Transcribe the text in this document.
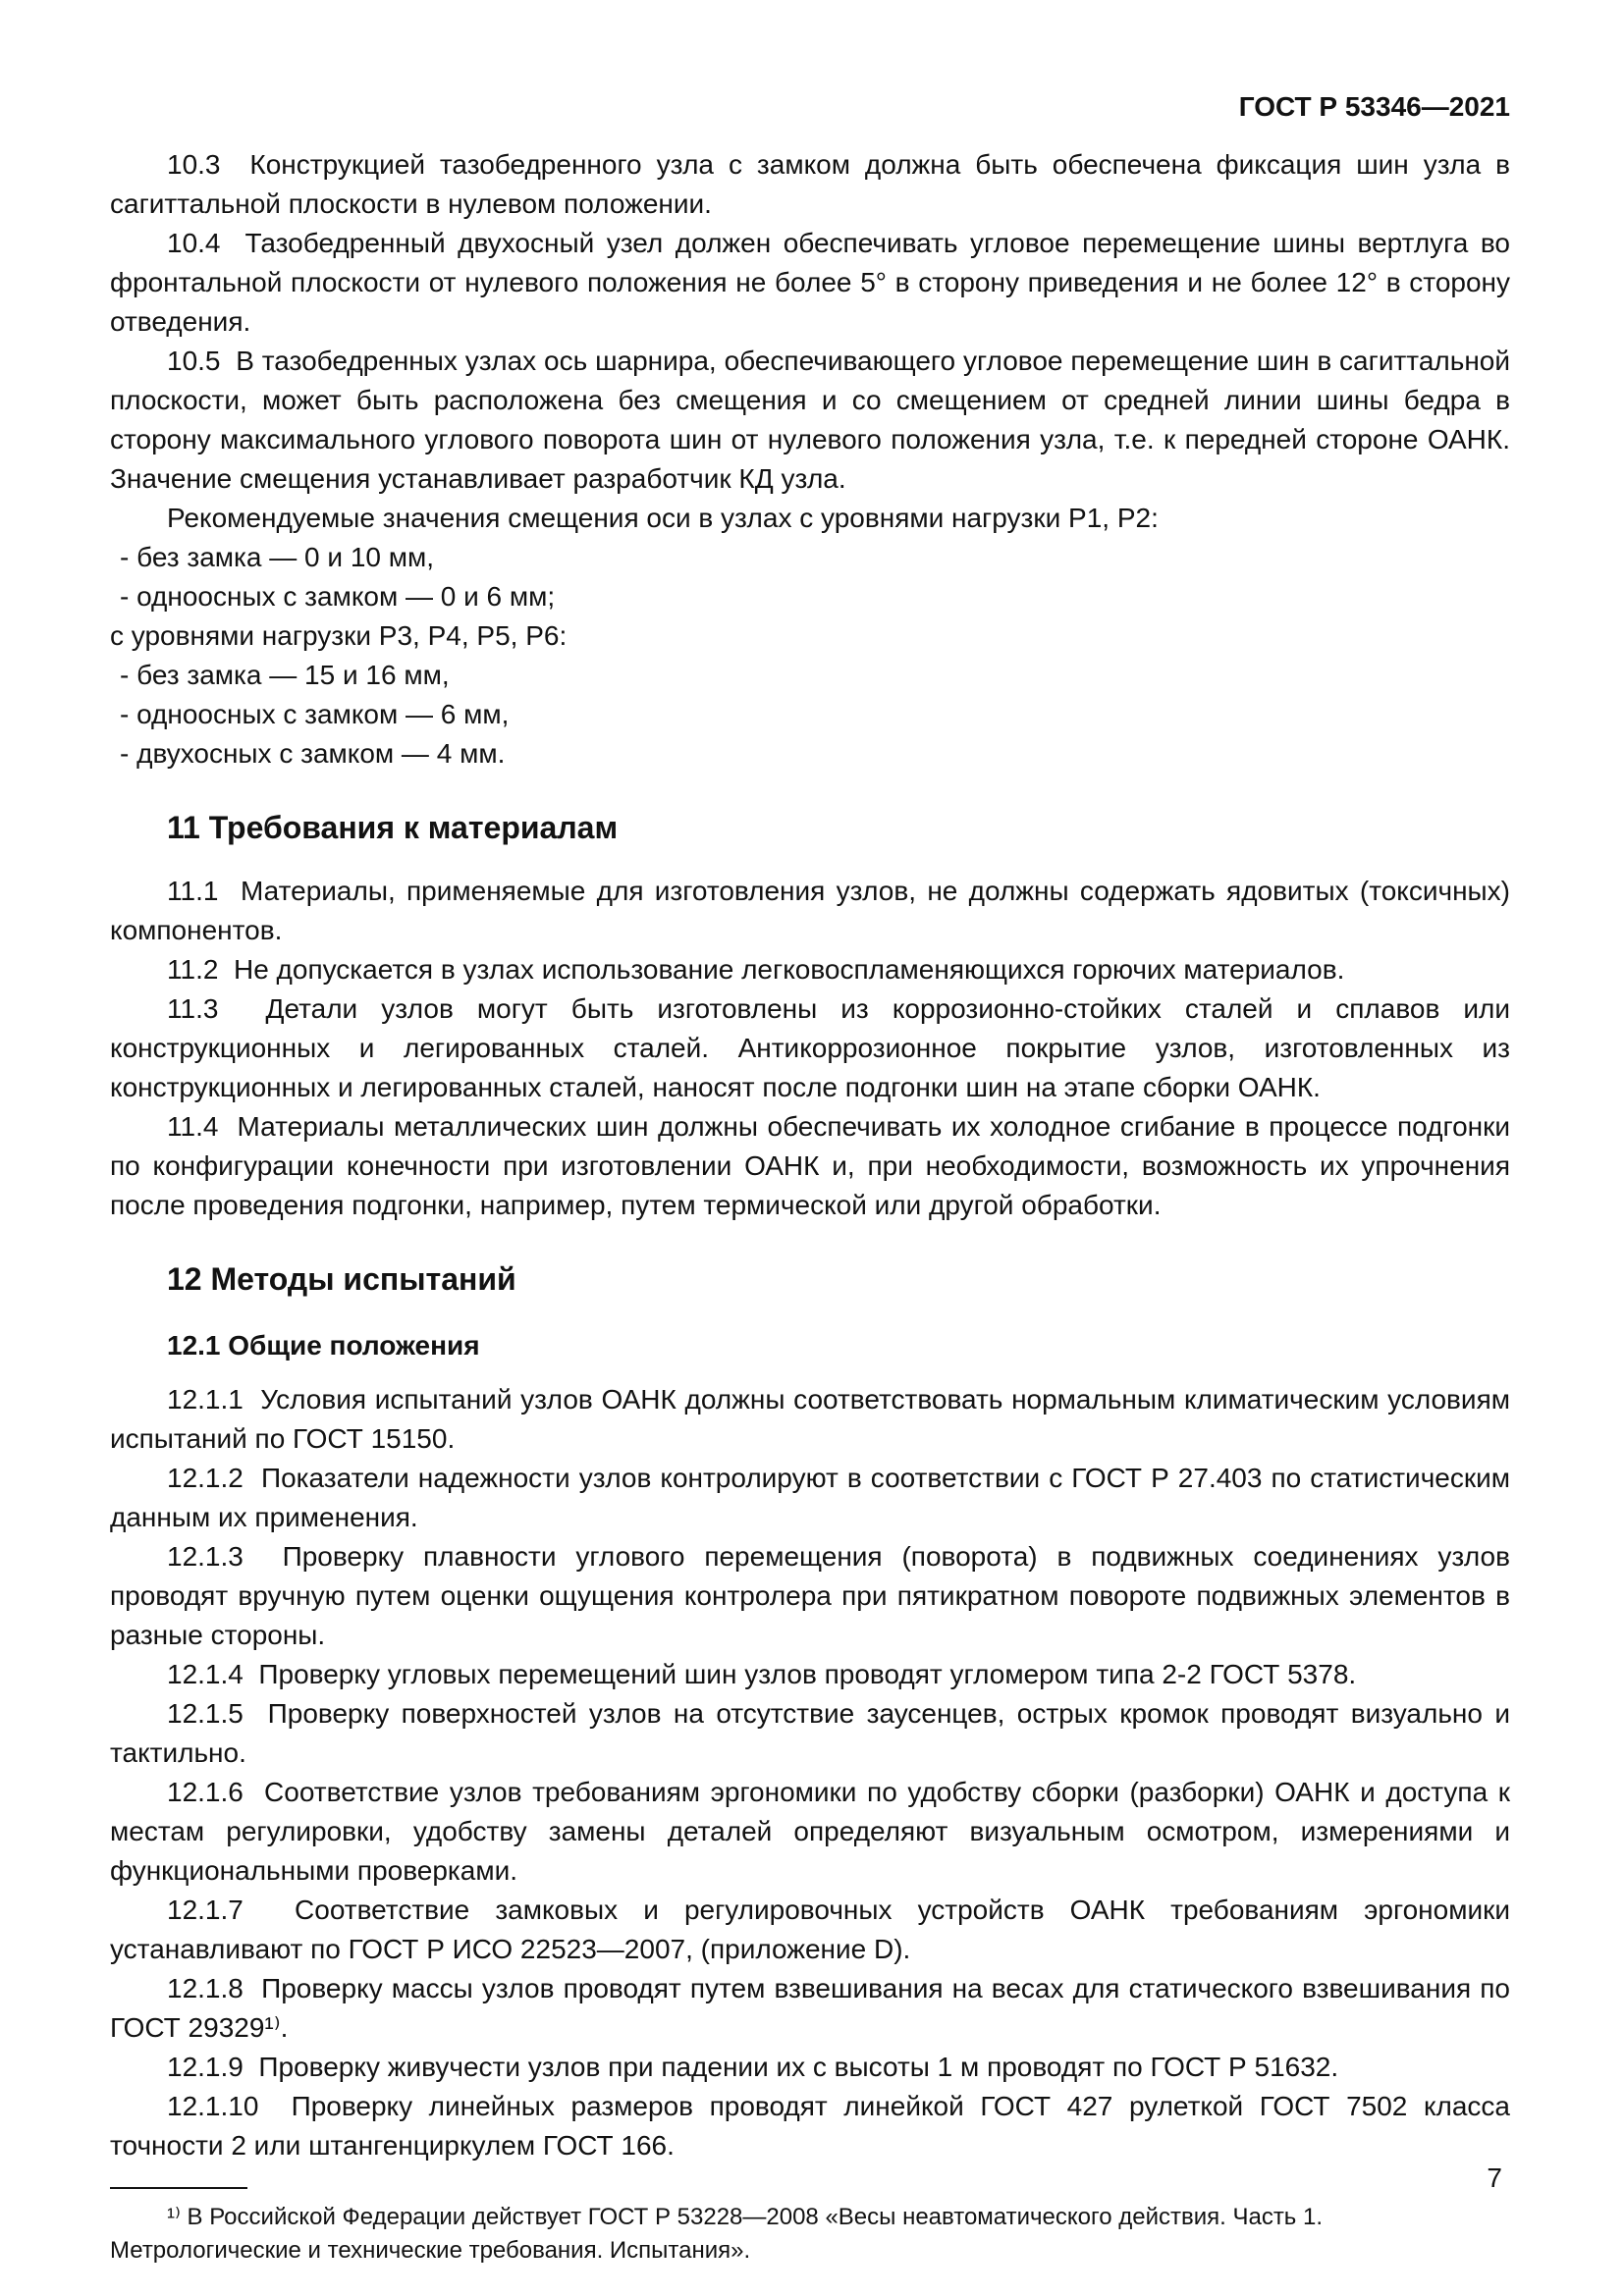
ГОСТ Р 53346—2021

10.3  Конструкцией тазобедренного узла с замком должна быть обеспечена фиксация шин узла в сагиттальной плоскости в нулевом положении.

10.4  Тазобедренный двухосный узел должен обеспечивать угловое перемещение шины вертлуга во фронтальной плоскости от нулевого положения не более 5° в сторону приведения и не более 12° в сторону отведения.

10.5  В тазобедренных узлах ось шарнира, обеспечивающего угловое перемещение шин в сагиттальной плоскости, может быть расположена без смещения и со смещением от средней линии шины бедра в сторону максимального углового поворота шин от нулевого положения узла, т.е. к передней стороне ОАНК. Значение смещения устанавливает разработчик КД узла.

Рекомендуемые значения смещения оси в узлах с уровнями нагрузки Р1, Р2:

- без замка — 0 и 10 мм,

- одноосных с замком — 0 и 6 мм;

с уровнями нагрузки Р3, Р4, Р5, Р6:

- без замка — 15 и 16 мм,

- одноосных с замком — 6 мм,

- двухосных с замком — 4 мм.

11 Требования к материалам

11.1  Материалы, применяемые для изготовления узлов, не должны содержать ядовитых (токсичных) компонентов.

11.2  Не допускается в узлах использование легковоспламеняющихся горючих материалов.

11.3  Детали узлов могут быть изготовлены из коррозионно-стойких сталей и сплавов или конструкционных и легированных сталей. Антикоррозионное покрытие узлов, изготовленных из конструкционных и легированных сталей, наносят после подгонки шин на этапе сборки ОАНК.

11.4  Материалы металлических шин должны обеспечивать их холодное сгибание в процессе подгонки по конфигурации конечности при изготовлении ОАНК и, при необходимости, возможность их упрочнения после проведения подгонки, например, путем термической или другой обработки.

12 Методы испытаний
12.1 Общие положения

12.1.1  Условия испытаний узлов ОАНК должны соответствовать нормальным климатическим условиям испытаний по ГОСТ 15150.

12.1.2  Показатели надежности узлов контролируют в соответствии с ГОСТ Р 27.403 по статистическим данным их применения.

12.1.3  Проверку плавности углового перемещения (поворота) в подвижных соединениях узлов проводят вручную путем оценки ощущения контролера при пятикратном повороте подвижных элементов в разные стороны.

12.1.4  Проверку угловых перемещений шин узлов проводят угломером типа 2-2 ГОСТ 5378.

12.1.5  Проверку поверхностей узлов на отсутствие заусенцев, острых кромок проводят визуально и тактильно.

12.1.6  Соответствие узлов требованиям эргономики по удобству сборки (разборки) ОАНК и доступа к местам регулировки, удобству замены деталей определяют визуальным осмотром, измерениями и функциональными проверками.

12.1.7  Соответствие замковых и регулировочных устройств ОАНК требованиям эргономики устанавливают по ГОСТ Р ИСО 22523—2007, (приложение D).

12.1.8  Проверку массы узлов проводят путем взвешивания на весах для статического взвешивания по ГОСТ 29329¹⁾.

12.1.9  Проверку живучести узлов при падении их с высоты 1 м проводят по ГОСТ Р 51632.

12.1.10  Проверку линейных размеров проводят линейкой ГОСТ 427 рулеткой ГОСТ 7502 класса точности 2 или штангенциркулем ГОСТ 166.

¹⁾ В Российской Федерации действует ГОСТ Р 53228—2008 «Весы неавтоматического действия. Часть 1. Метрологические и технические требования. Испытания».

7
